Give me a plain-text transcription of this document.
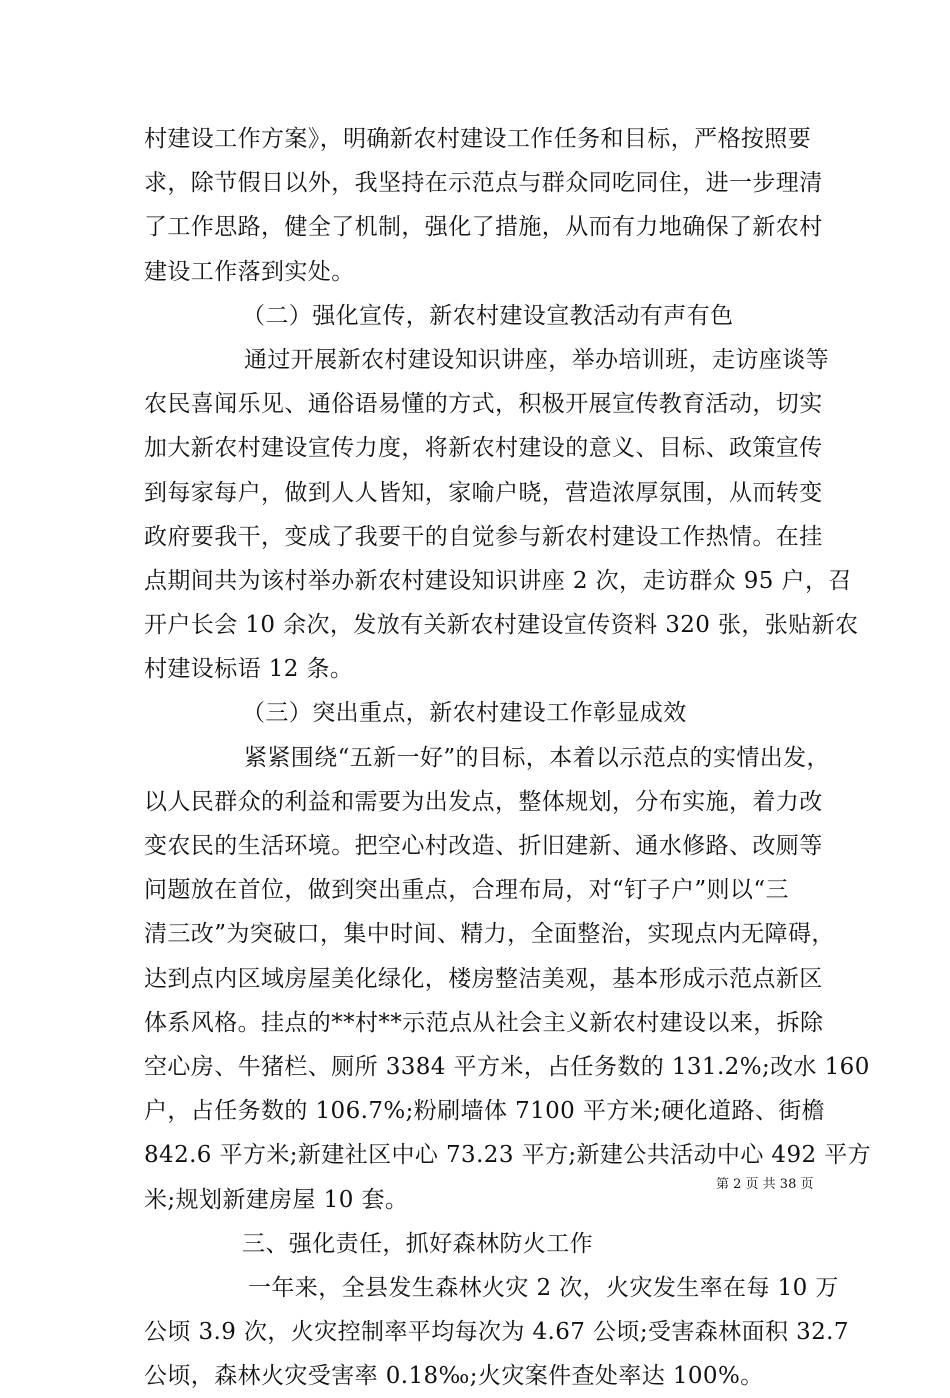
村建设工作方案》，明确新农村建设工作任务和目标，严格按照要
求，除节假日以外，我坚持在示范点与群众同吃同住，进一步理清
了工作思路，健全了机制，强化了措施，从而有力地确保了新农村
建设工作落到实处。
（二）强化宣传，新农村建设宣教活动有声有色
通过开展新农村建设知识讲座，举办培训班，走访座谈等
农民喜闻乐见、通俗语易懂的方式，积极开展宣传教育活动，切实
加大新农村建设宣传力度，将新农村建设的意义、目标、政策宣传
到每家每户，做到人人皆知，家喻户晓，营造浓厚氛围，从而转变
政府要我干，变成了我要干的自觉参与新农村建设工作热情。在挂
点期间共为该村举办新农村建设知识讲座 2 次，走访群众 95 户，召
开户长会 10 余次，发放有关新农村建设宣传资料 320 张，张贴新农
村建设标语 12 条。
（三）突出重点，新农村建设工作彰显成效
紧紧围绕“五新一好”的目标，本着以示范点的实情出发，
以人民群众的利益和需要为出发点，整体规划，分布实施，着力改
变农民的生活环境。把空心村改造、折旧建新、通水修路、改厕等
问题放在首位，做到突出重点，合理布局，对“钉子户”则以“三
清三改”为突破口，集中时间、精力，全面整治，实现点内无障碍，
达到点内区域房屋美化绿化，楼房整洁美观，基本形成示范点新区
体系风格。挂点的**村**示范点从社会主义新农村建设以来，拆除
空心房、牛猪栏、厕所 3384 平方米，占任务数的 131.2%;改水 160
户，占任务数的 106.7%;粉刷墙体 7100 平方米;硬化道路、街檐
842.6 平方米;新建社区中心 73.23 平方;新建公共活动中心 492 平方
米;规划新建房屋 10 套。
三、强化责任，抓好森林防火工作
一年来，全县发生森林火灾 2 次，火灾发生率在每 10 万
公顷 3.9 次，火灾控制率平均每次为 4.67 公顷;受害森林面积 32.7
公顷，森林火灾受害率 0.18‰;火灾案件查处率达 100%。
第 2 页 共 38 页
